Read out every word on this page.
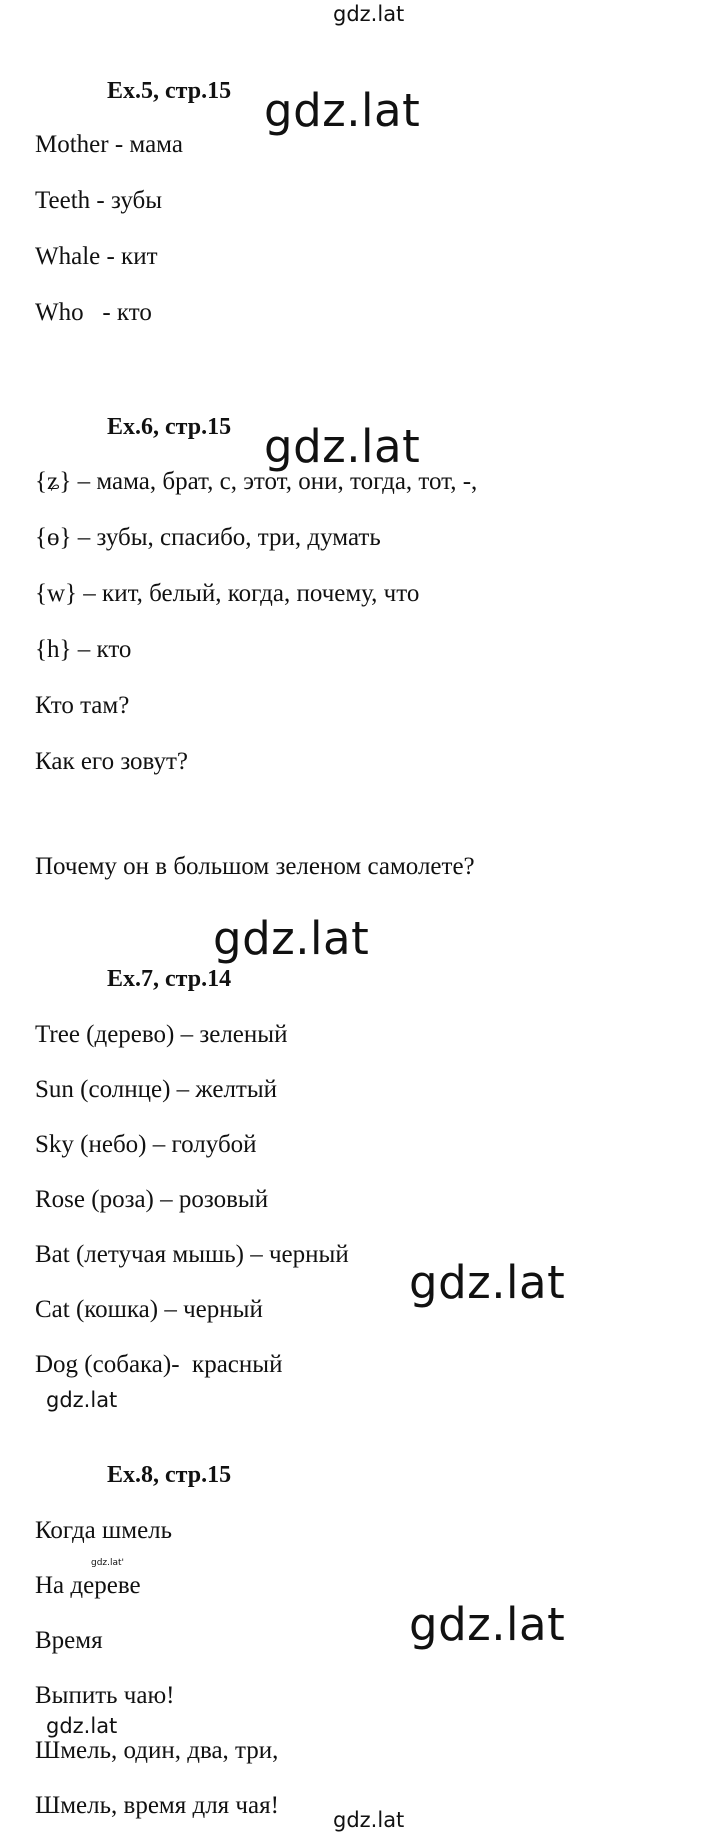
gdz.lat
Ex.5, стр.15 gdz.lat
Mother - мама
Teeth - зубы
Whale - кит
Who   - кто
Ex.6, стр.15 gdz.lat
{ʑ} – мама, брат, с, этот, они, тогда, тот, -,
{ɵ} – зубы, спасибо, три, думать
{w} – кит, белый, когда, почему, что
{h} – кто
Кто там?
Как его зовут?
Почему он в большом зеленом самолете?
gdz.lat
Ex.7, стр.14
Tree (дерево) – зеленый
Sun (солнце) – желтый
Sky (небо) – голубой
Rose (роза) – розовый
Bat (летучая мышь) – черный
gdz.lat
Cat (кошка) – черный
Dog (собака)-  красный
gdz.lat
Ex.8, стр.15
Когда шмель
gdz.lat'
На дереве
gdz.lat
Время
Выпить чаю!
gdz.lat
Шмель, один, два, три,
Шмель, время для чая!
gdz.lat
